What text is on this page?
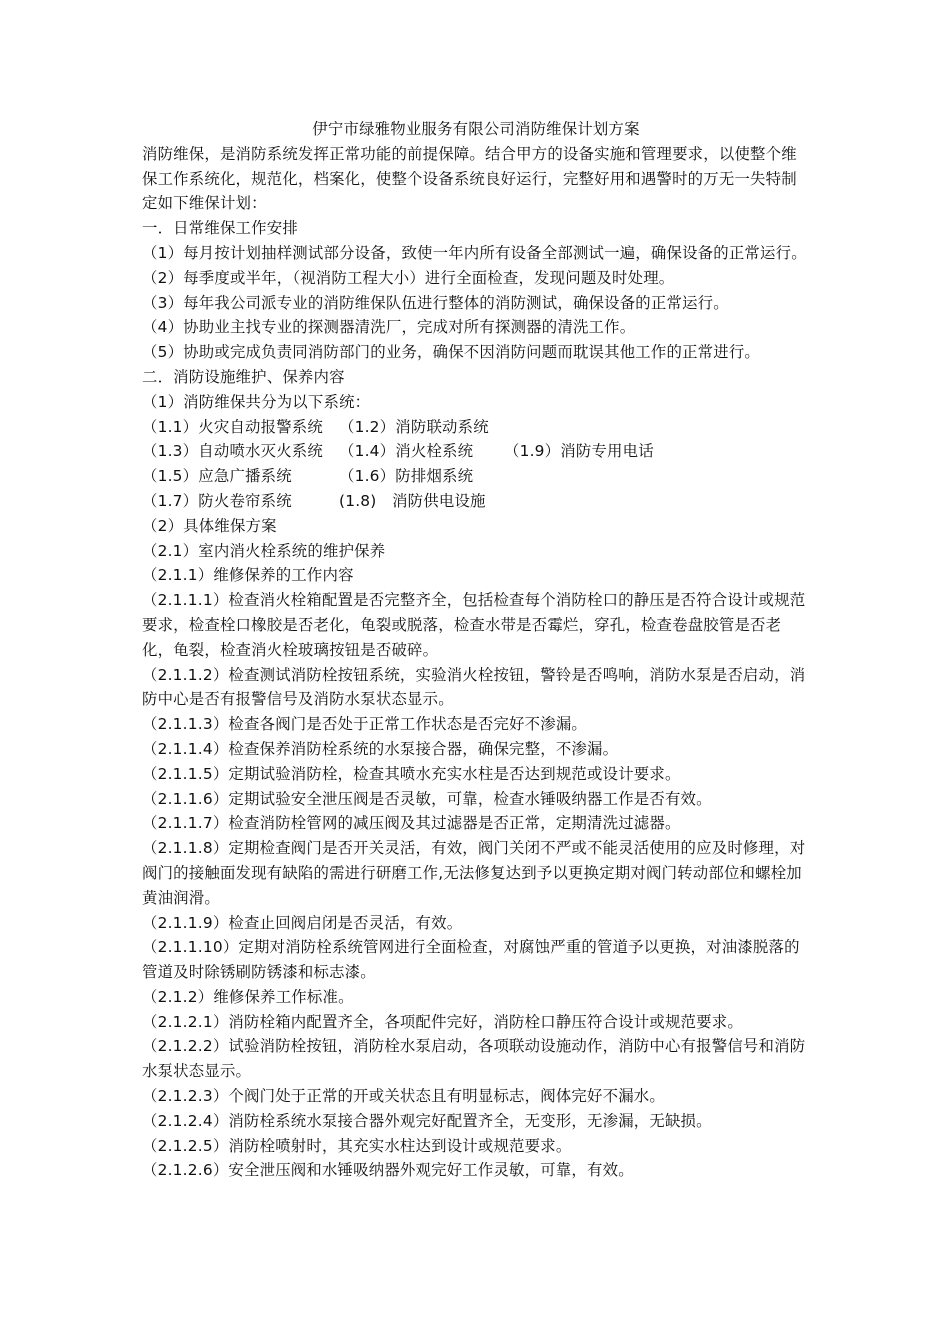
伊宁市绿雅物业服务有限公司消防维保计划方案

消防维保，是消防系统发挥正常功能的前提保障。结合甲方的设备实施和管理要求，以使整个维保工作系统化，规范化，档案化，使整个设备系统良好运行，完整好用和遇警时的万无一失特制定如下维保计划：

一．日常维保工作安排

（1）每月按计划抽样测试部分设备，致使一年内所有设备全部测试一遍，确保设备的正常运行。

（2）每季度或半年，（视消防工程大小）进行全面检查，发现问题及时处理。

（3）每年我公司派专业的消防维保队伍进行整体的消防测试，确保设备的正常运行。

（4）协助业主找专业的探测器清洗厂，完成对所有探测器的清洗工作。

（5）协助或完成负责同消防部门的业务，确保不因消防问题而耽误其他工作的正常进行。

二．消防设施维护、保养内容

（1）消防维保共分为以下系统：

（1.1）火灾自动报警系统	（1.2）消防联动系统
（1.3）自动喷水灭火系统	（1.4）消火栓系统	（1.9）消防专用电话
（1.5）应急广播系统	（1.6）防排烟系统
（1.7）防火卷帘系统	(1.8)　消防供电设施

（2）具体维保方案

（2.1）室内消火栓系统的维护保养

（2.1.1）维修保养的工作内容

（2.1.1.1）检查消火栓箱配置是否完整齐全，包括检查每个消防栓口的静压是否符合设计或规范要求，检查栓口橡胶是否老化，龟裂或脱落，检查水带是否霉烂，穿孔，检查卷盘胶管是否老化，龟裂，检查消火栓玻璃按钮是否破碎。

（2.1.1.2）检查测试消防栓按钮系统，实验消火栓按钮，警铃是否鸣响，消防水泵是否启动，消防中心是否有报警信号及消防水泵状态显示。

（2.1.1.3）检查各阀门是否处于正常工作状态是否完好不渗漏。

（2.1.1.4）检查保养消防栓系统的水泵接合器，确保完整，不渗漏。

（2.1.1.5）定期试验消防栓，检查其喷水充实水柱是否达到规范或设计要求。

（2.1.1.6）定期试验安全泄压阀是否灵敏，可靠，检查水锤吸纳器工作是否有效。

（2.1.1.7）检查消防栓管网的减压阀及其过滤器是否正常，定期清洗过滤器。

（2.1.1.8）定期检查阀门是否开关灵活，有效，阀门关闭不严或不能灵活使用的应及时修理，对阀门的接触面发现有缺陷的需进行研磨工作,无法修复达到予以更换定期对阀门转动部位和螺栓加黄油润滑。

（2.1.1.9）检查止回阀启闭是否灵活，有效。

（2.1.1.10）定期对消防栓系统管网进行全面检查，对腐蚀严重的管道予以更换，对油漆脱落的管道及时除锈刷防锈漆和标志漆。

（2.1.2）维修保养工作标准。

（2.1.2.1）消防栓箱内配置齐全，各项配件完好，消防栓口静压符合设计或规范要求。

（2.1.2.2）试验消防栓按钮，消防栓水泵启动，各项联动设施动作，消防中心有报警信号和消防水泵状态显示。

（2.1.2.3）个阀门处于正常的开或关状态且有明显标志，阀体完好不漏水。

（2.1.2.4）消防栓系统水泵接合器外观完好配置齐全，无变形，无渗漏，无缺损。

（2.1.2.5）消防栓喷射时，其充实水柱达到设计或规范要求。

（2.1.2.6）安全泄压阀和水锤吸纳器外观完好工作灵敏，可靠，有效。
